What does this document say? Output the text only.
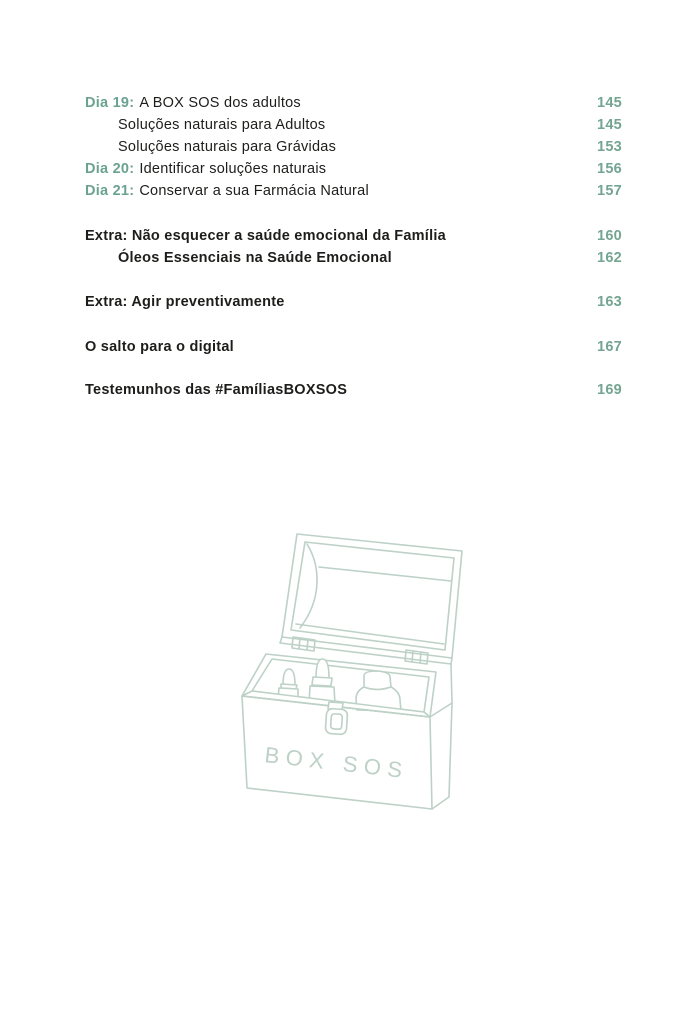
Dia 19: A BOX SOS dos adultos	145
Soluções naturais para Adultos	145
Soluções naturais para Grávidas	153
Dia 20: Identificar soluções naturais	156
Dia 21: Conservar a sua Farmácia Natural	157
Extra: Não esquecer a saúde emocional da Família	160
Óleos Essenciais na Saúde Emocional	162
Extra: Agir preventivamente	163
O salto para o digital	167
Testemunhos das #FamíliasBOXSOS	169
BOX SOS
